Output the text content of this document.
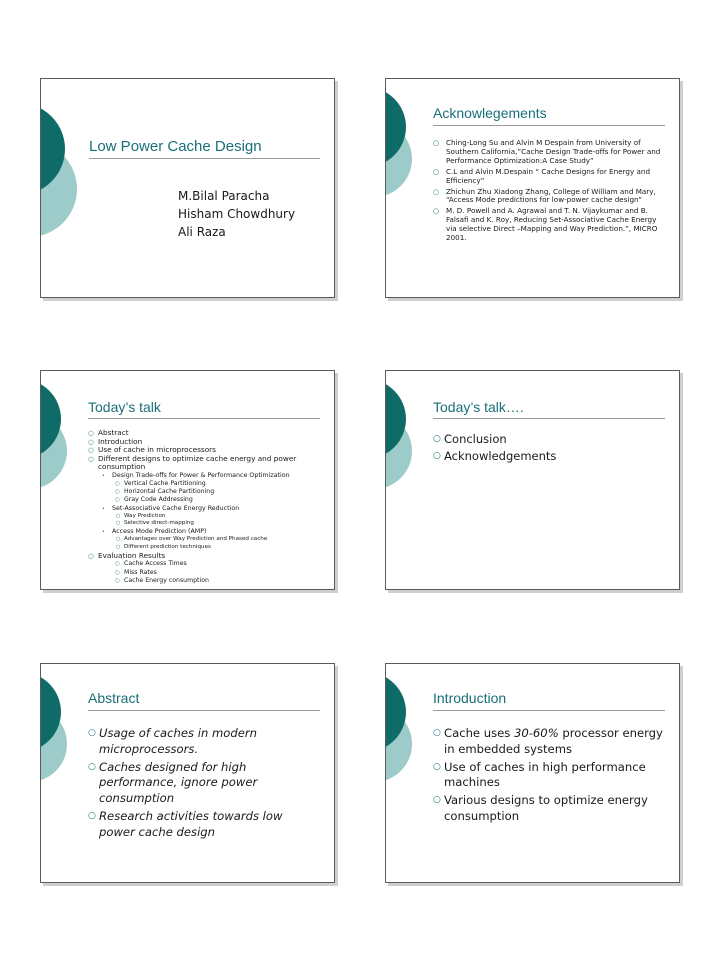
Low Power Cache Design
M.Bilal Paracha
Hisham Chowdhury
Ali Raza
Acknowlegements
○ Ching-Long Su and Alvin M Despain from University of Southern California,”Cache Design Trade-offs for Power and Performance Optimization:A Case Study”
○ C.L and Alvin M.Despain “ Cache Designs for Energy and Efficiency”
○ Zhichun Zhu Xiadong Zhang, College of William and Mary, “Access Mode predictions for low-power cache design”
○ M. D. Powell and A. Agrawal and T. N. Vijaykumar and B. Falsafi and K. Roy, Reducing Set-Associative Cache Energy via selective Direct –Mapping and Way Prediction.”, MICRO 2001.
Today’s talk
○ Abstract
○ Introduction
○ Use of cache in microprocessors
○ Different designs to optimize cache energy and power consumption
• Design Trade-offs for Power & Performance Optimization
○ Vertical Cache Partitioning
○ Horizontal Cache Partitioning
○ Gray Code Addressing
• Set-Associative Cache Energy Reduction
○ Way Prediction
○ Selective direct-mapping
• Access Mode Prediction (AMP)
○ Advantages over Way Prediction and Phased cache
○ Different prediction techniques
○ Evaluation Results
○ Cache Access Times
○ Miss Rates
○ Cache Energy consumption
Today’s talk….
○ Conclusion
○ Acknowledgements
Abstract
○ Usage of caches in modern microprocessors.
○ Caches designed for high performance, ignore power consumption
○ Research activities towards low power cache design
Introduction
○ Cache uses 30-60% processor energy in embedded systems
○ Use of caches in high performance machines
○ Various designs to optimize energy consumption
